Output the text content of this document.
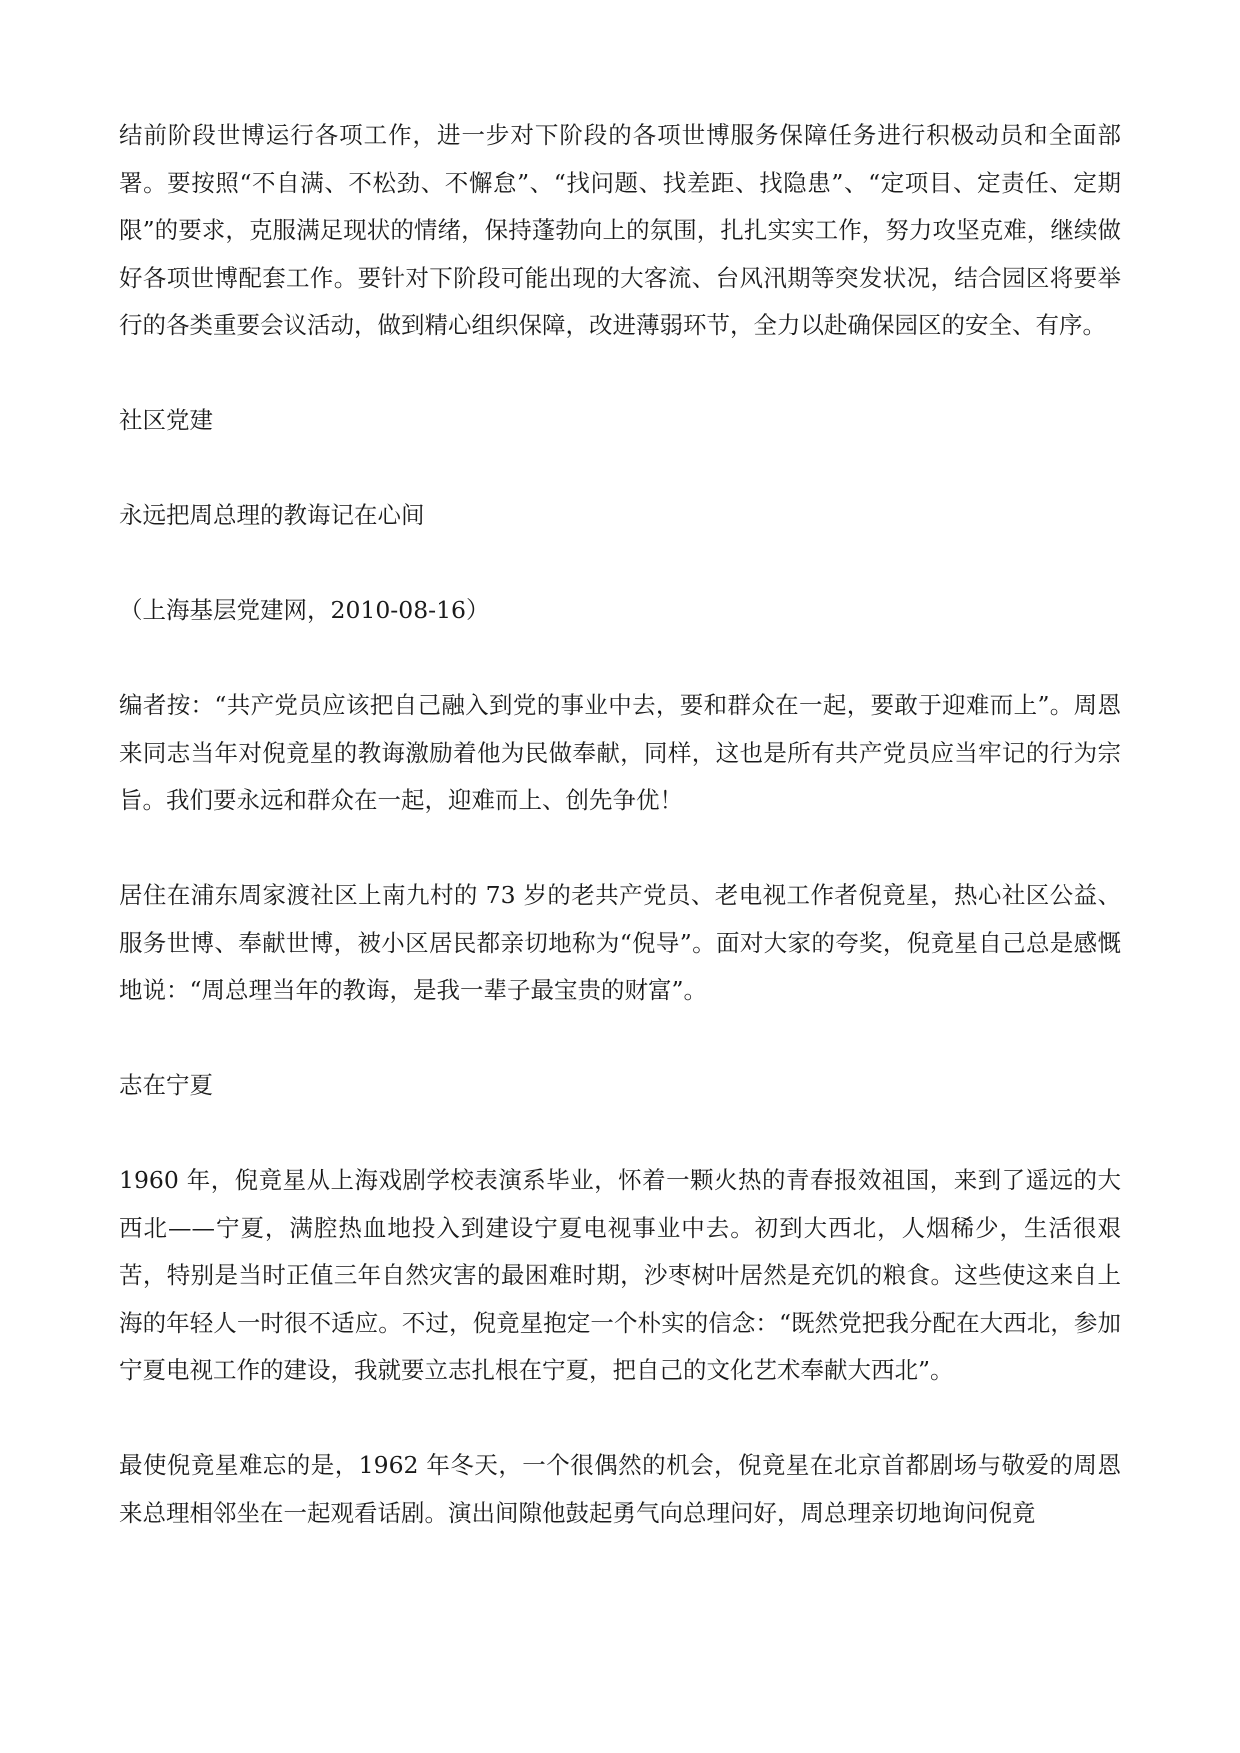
结前阶段世博运行各项工作，进一步对下阶段的各项世博服务保障任务进行积极动员和全面部署。要按照“不自满、不松劲、不懈怠”、“找问题、找差距、找隐患”、“定项目、定责任、定期限”的要求，克服满足现状的情绪，保持蓬勃向上的氛围，扎扎实实工作，努力攻坚克难，继续做好各项世博配套工作。要针对下阶段可能出现的大客流、台风汛期等突发状况，结合园区将要举行的各类重要会议活动，做到精心组织保障，改进薄弱环节，全力以赴确保园区的安全、有序。

社区党建

永远把周总理的教诲记在心间

（上海基层党建网，2010-08-16）

编者按：“共产党员应该把自己融入到党的事业中去，要和群众在一起，要敢于迎难而上”。周恩来同志当年对倪竟星的教诲激励着他为民做奉献，同样，这也是所有共产党员应当牢记的行为宗旨。我们要永远和群众在一起，迎难而上、创先争优！

居住在浦东周家渡社区上南九村的 73 岁的老共产党员、老电视工作者倪竟星，热心社区公益、服务世博、奉献世博，被小区居民都亲切地称为“倪导”。面对大家的夸奖，倪竟星自己总是感慨地说：“周总理当年的教诲，是我一辈子最宝贵的财富”。

志在宁夏

1960 年，倪竟星从上海戏剧学校表演系毕业，怀着一颗火热的青春报效祖国，来到了遥远的大西北——宁夏，满腔热血地投入到建设宁夏电视事业中去。初到大西北，人烟稀少，生活很艰苦，特别是当时正值三年自然灾害的最困难时期，沙枣树叶居然是充饥的粮食。这些使这来自上海的年轻人一时很不适应。不过，倪竟星抱定一个朴实的信念：“既然党把我分配在大西北，参加宁夏电视工作的建设，我就要立志扎根在宁夏，把自己的文化艺术奉献大西北”。

最使倪竟星难忘的是，1962 年冬天，一个很偶然的机会，倪竟星在北京首都剧场与敬爱的周恩来总理相邻坐在一起观看话剧。演出间隙他鼓起勇气向总理问好，周总理亲切地询问倪竟
